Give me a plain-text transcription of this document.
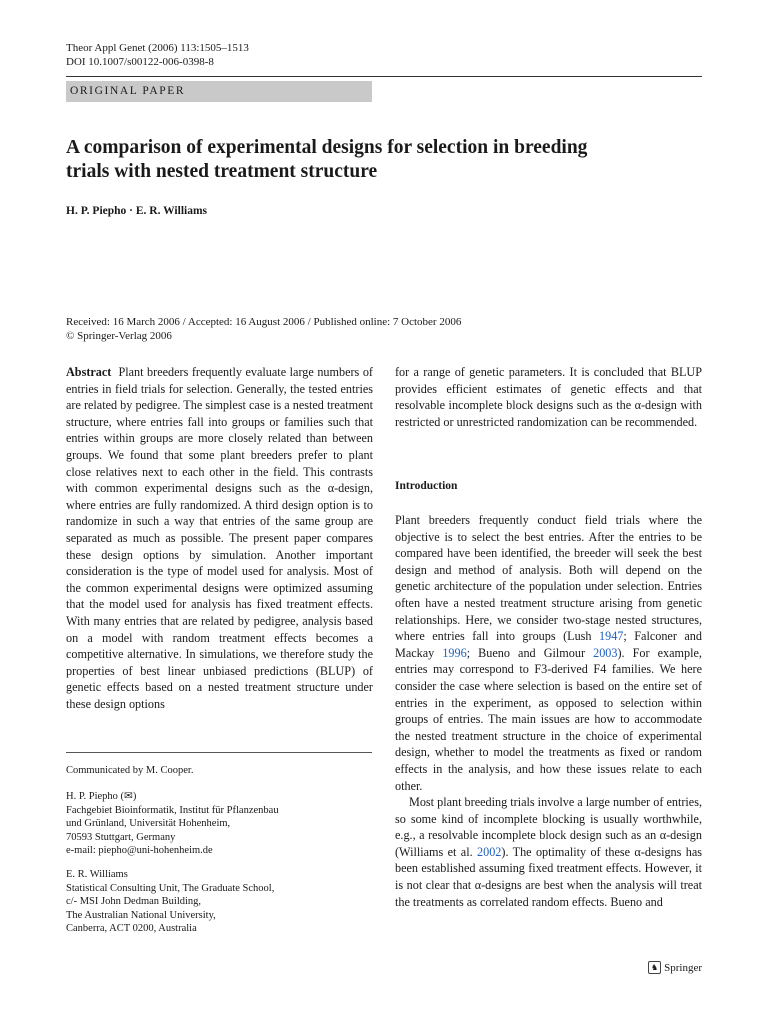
Theor Appl Genet (2006) 113:1505–1513
DOI 10.1007/s00122-006-0398-8
ORIGINAL PAPER
A comparison of experimental designs for selection in breeding
trials with nested treatment structure
H. P. Piepho · E. R. Williams
Received: 16 March 2006 / Accepted: 16 August 2006 / Published online: 7 October 2006
© Springer-Verlag 2006
Abstract Plant breeders frequently evaluate large numbers of entries in field trials for selection. Generally, the tested entries are related by pedigree. The simplest case is a nested treatment structure, where entries fall into groups or families such that entries within groups are more closely related than between groups. We found that some plant breeders prefer to plant close relatives next to each other in the field. This contrasts with common experimental designs such as the α-design, where entries are fully randomized. A third design option is to randomize in such a way that entries of the same group are separated as much as possible. The present paper compares these design options by simulation. Another important consideration is the type of model used for analysis. Most of the common experimental designs were optimized assuming that the model used for analysis has fixed treatment effects. With many entries that are related by pedigree, analysis based on a model with random treatment effects becomes a competitive alternative. In simulations, we therefore study the properties of best linear unbiased predictions (BLUP) of genetic effects based on a nested treatment structure under these design options
for a range of genetic parameters. It is concluded that BLUP provides efficient estimates of genetic effects and that resolvable incomplete block designs such as the α-design with restricted or unrestricted randomization can be recommended.
Introduction
Plant breeders frequently conduct field trials where the objective is to select the best entries. After the entries to be compared have been identified, the breeder will seek the best design and method of analysis. Both will depend on the genetic architecture of the population under selection. Entries often have a nested treatment structure arising from genetic relationships. Here, we consider two-stage nested structures, where entries fall into groups (Lush 1947; Falconer and Mackay 1996; Bueno and Gilmour 2003). For example, entries may correspond to F3-derived F4 families. We here consider the case where selection is based on the entire set of entries in the experiment, as opposed to selection within groups of entries. The main issues are how to accommodate the nested treatment structure in the choice of experimental design, whether to model the treatments as fixed or random effects in the analysis, and how these issues relate to each other.
Most plant breeding trials involve a large number of entries, so some kind of incomplete blocking is usually worthwhile, e.g., a resolvable incomplete block design such as an α-design (Williams et al. 2002). The optimality of these α-designs has been established assuming fixed treatment effects. However, it is not clear that α-designs are best when the analysis will treat the treatments as correlated random effects. Bueno and
Communicated by M. Cooper.
H. P. Piepho (✉)
Fachgebiet Bioinformatik, Institut für Pflanzenbau
und Grünland, Universität Hohenheim,
70593 Stuttgart, Germany
e-mail: piepho@uni-hohenheim.de
E. R. Williams
Statistical Consulting Unit, The Graduate School,
c/- MSI John Dedman Building,
The Australian National University,
Canberra, ACT 0200, Australia
♞ Springer
